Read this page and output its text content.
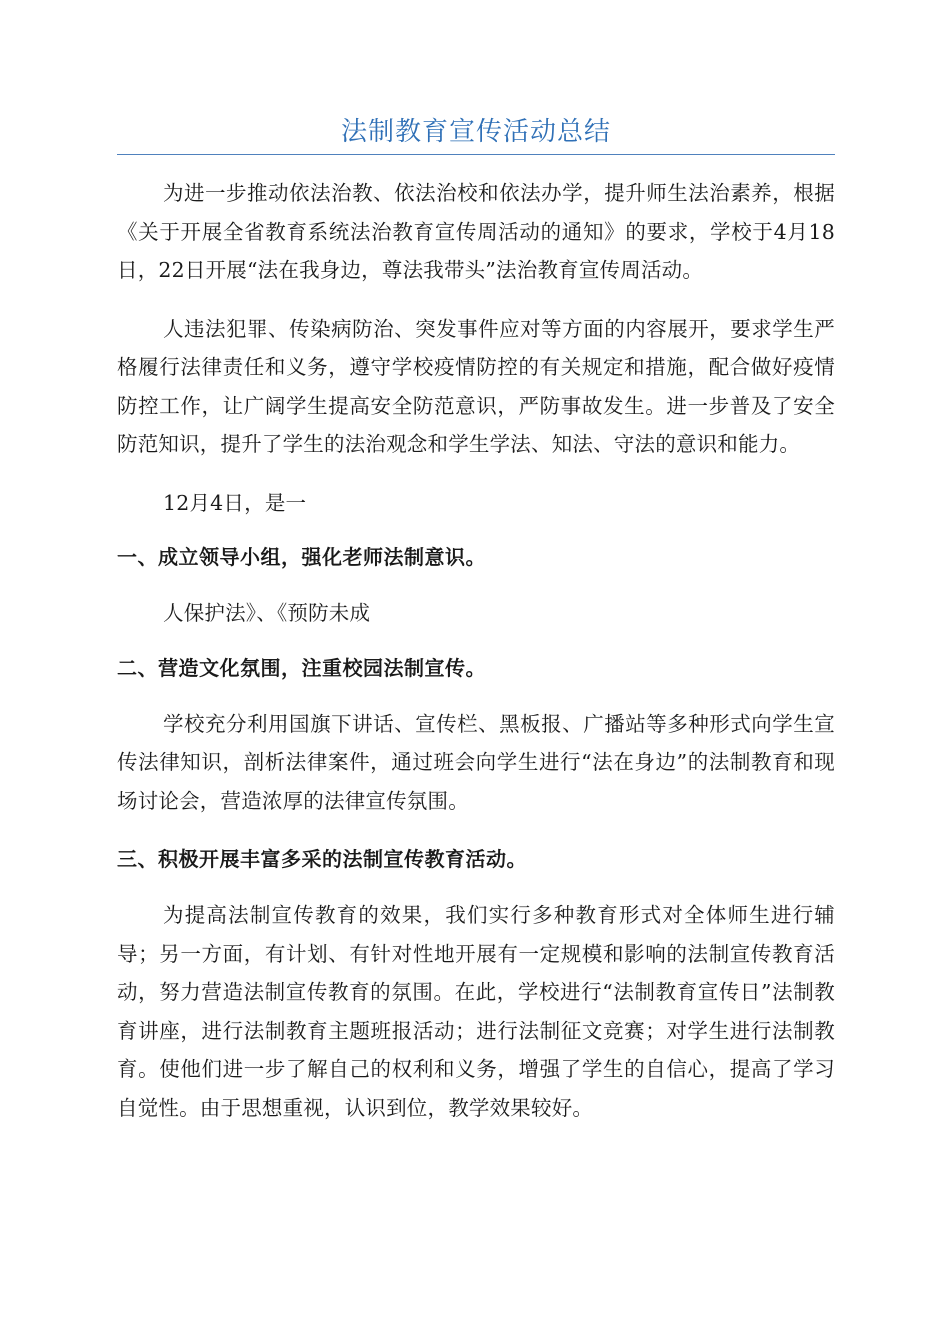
法制教育宣传活动总结

为进一步推动依法治教、依法治校和依法办学，提升师生法治素养，根据《关于开展全省教育系统法治教育宣传周活动的通知》的要求，学校于4月18日，22日开展“法在我身边，尊法我带头”法治教育宣传周活动。

人违法犯罪、传染病防治、突发事件应对等方面的内容展开，要求学生严格履行法律责任和义务，遵守学校疫情防控的有关规定和措施，配合做好疫情防控工作，让广阔学生提高安全防范意识，严防事故发生。进一步普及了安全防范知识，提升了学生的法治观念和学生学法、知法、守法的意识和能力。

12月4日，是一

一、成立领导小组，强化老师法制意识。

人保护法》、《预防未成

二、营造文化氛围，注重校园法制宣传。

学校充分利用国旗下讲话、宣传栏、黑板报、广播站等多种形式向学生宣传法律知识，剖析法律案件，通过班会向学生进行“法在身边”的法制教育和现场讨论会，营造浓厚的法律宣传氛围。

三、积极开展丰富多采的法制宣传教育活动。

为提高法制宣传教育的效果，我们实行多种教育形式对全体师生进行辅导；另一方面，有计划、有针对性地开展有一定规模和影响的法制宣传教育活动，努力营造法制宣传教育的氛围。在此，学校进行“法制教育宣传日”法制教育讲座，进行法制教育主题班报活动；进行法制征文竞赛；对学生进行法制教育。使他们进一步了解自己的权利和义务，增强了学生的自信心，提高了学习自觉性。由于思想重视，认识到位，教学效果较好。
